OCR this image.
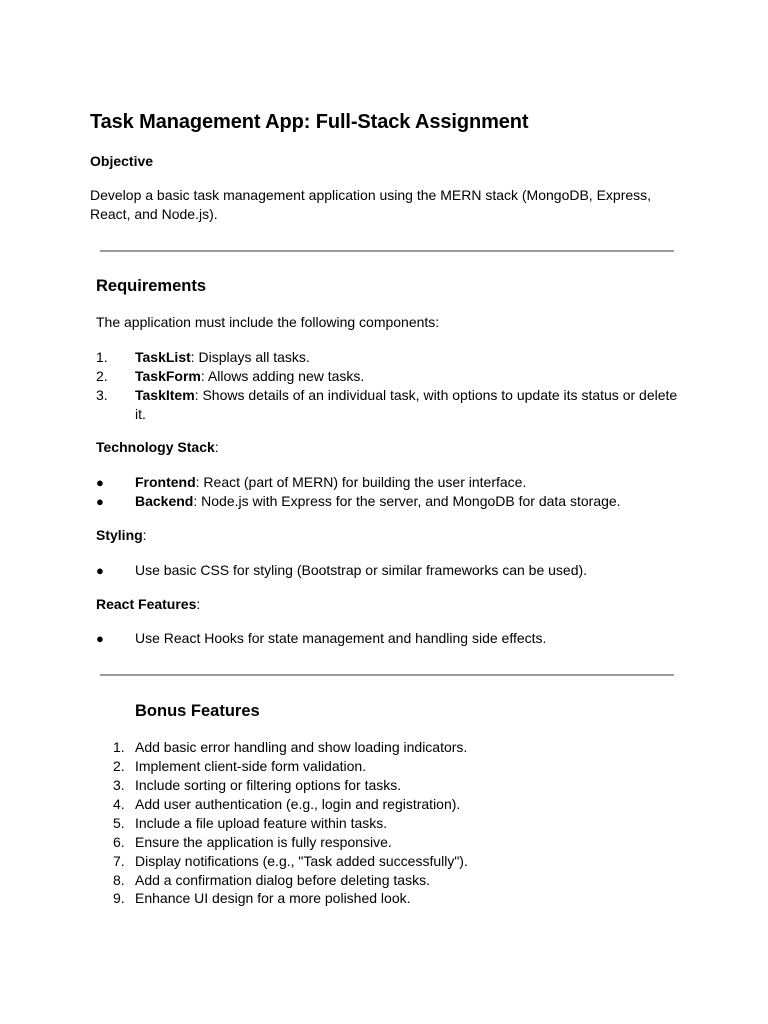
Task Management App: Full-Stack Assignment
Objective
Develop a basic task management application using the MERN stack (MongoDB, Express,
React, and Node.js).
Requirements
The application must include the following components:
1. TaskList: Displays all tasks.
2. TaskForm: Allows adding new tasks.
3. TaskItem: Shows details of an individual task, with options to update its status or delete
it.
Technology Stack:
● Frontend: React (part of MERN) for building the user interface.
● Backend: Node.js with Express for the server, and MongoDB for data storage.
Styling:
● Use basic CSS for styling (Bootstrap or similar frameworks can be used).
React Features:
● Use React Hooks for state management and handling side effects.
Bonus Features
1. Add basic error handling and show loading indicators.
2. Implement client-side form validation.
3. Include sorting or filtering options for tasks.
4. Add user authentication (e.g., login and registration).
5. Include a file upload feature within tasks.
6. Ensure the application is fully responsive.
7. Display notifications (e.g., "Task added successfully").
8. Add a confirmation dialog before deleting tasks.
9. Enhance UI design for a more polished look.
